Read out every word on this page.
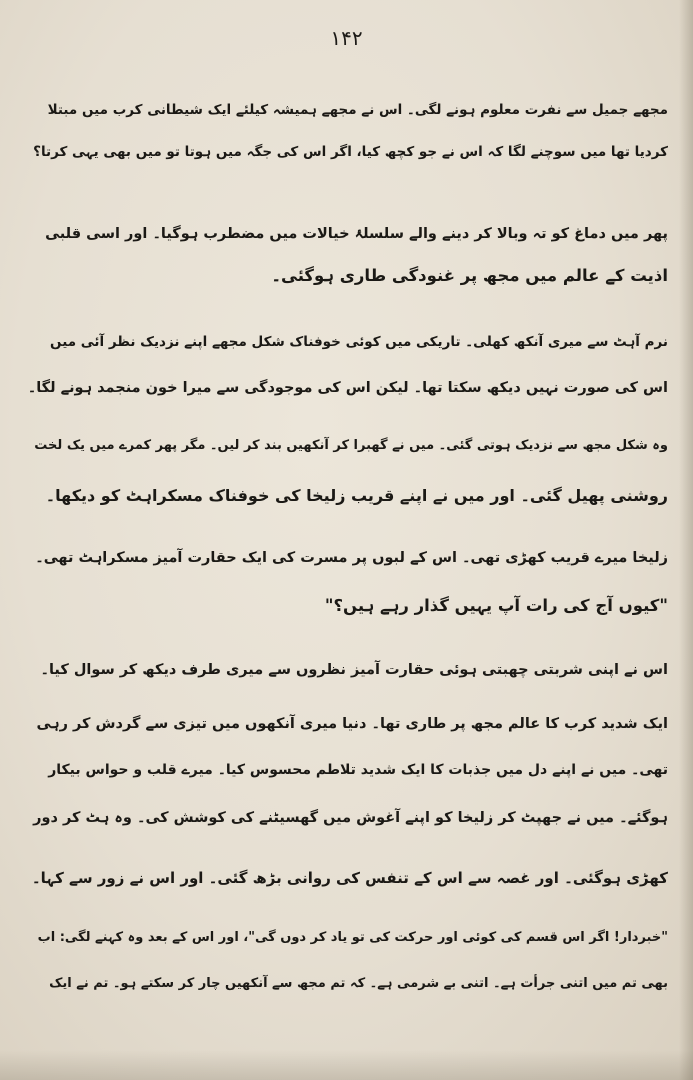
۱۴۲
مجھے جمیل سے نفرت معلوم ہونے لگی۔ اس نے مجھے ہمیشہ کیلئے ایک شیطانی کرب میں مبتلا
کردیا تھا میں سوچنے لگا کہ اس نے جو کچھ کیا، اگر اس کی جگہ میں ہوتا تو میں بھی یہی کرتا؟
پھر میں دماغ کو تہ وبالا کر دینے والے سلسلۂ خیالات میں مضطرب ہوگیا۔ اور اسی قلبی
اذیت کے عالم میں مجھ پر غنودگی طاری ہوگئی۔
نرم آہٹ سے میری آنکھ کھلی۔ تاریکی میں کوئی خوفناک شکل مجھے اپنے نزدیک نظر آئی میں
اس کی صورت نہیں دیکھ سکتا تھا۔ لیکن اس کی موجودگی سے میرا خون منجمد ہونے لگا۔
وہ شکل مجھ سے نزدیک ہوتی گئی۔ میں نے گھبرا کر آنکھیں بند کر لیں۔ مگر پھر کمرے میں یک لخت
روشنی پھیل گئی۔ اور میں نے اپنے قریب زلیخا کی خوفناک مسکراہٹ کو دیکھا۔
زلیخا میرے قریب کھڑی تھی۔ اس کے لبوں پر مسرت کی ایک حقارت آمیز مسکراہٹ تھی۔
"کیوں آج کی رات آپ یہیں گذار رہے ہیں؟"
اس نے اپنی شربتی چھبتی ہوئی حقارت آمیز نظروں سے میری طرف دیکھ کر سوال کیا۔
ایک شدید کرب کا عالم مجھ پر طاری تھا۔ دنیا میری آنکھوں میں تیزی سے گردش کر رہی
تھی۔ میں نے اپنے دل میں جذبات کا ایک شدید تلاطم محسوس کیا۔ میرے قلب و حواس بیکار
ہوگئے۔ میں نے جھپٹ کر زلیخا کو اپنے آغوش میں گھسیٹنے کی کوشش کی۔ وہ ہٹ کر دور
کھڑی ہوگئی۔ اور غصہ سے اس کے تنفس کی روانی بڑھ گئی۔ اور اس نے زور سے کہا۔
"خبردار! اگر اس قسم کی کوئی اور حرکت کی تو یاد کر دوں گی"، اور اس کے بعد وہ کہنے لگی: اب
بھی تم میں اتنی جرأت ہے۔ اتنی بے شرمی ہے۔ کہ تم مجھ سے آنکھیں چار کر سکتے ہو۔ تم نے ایک
